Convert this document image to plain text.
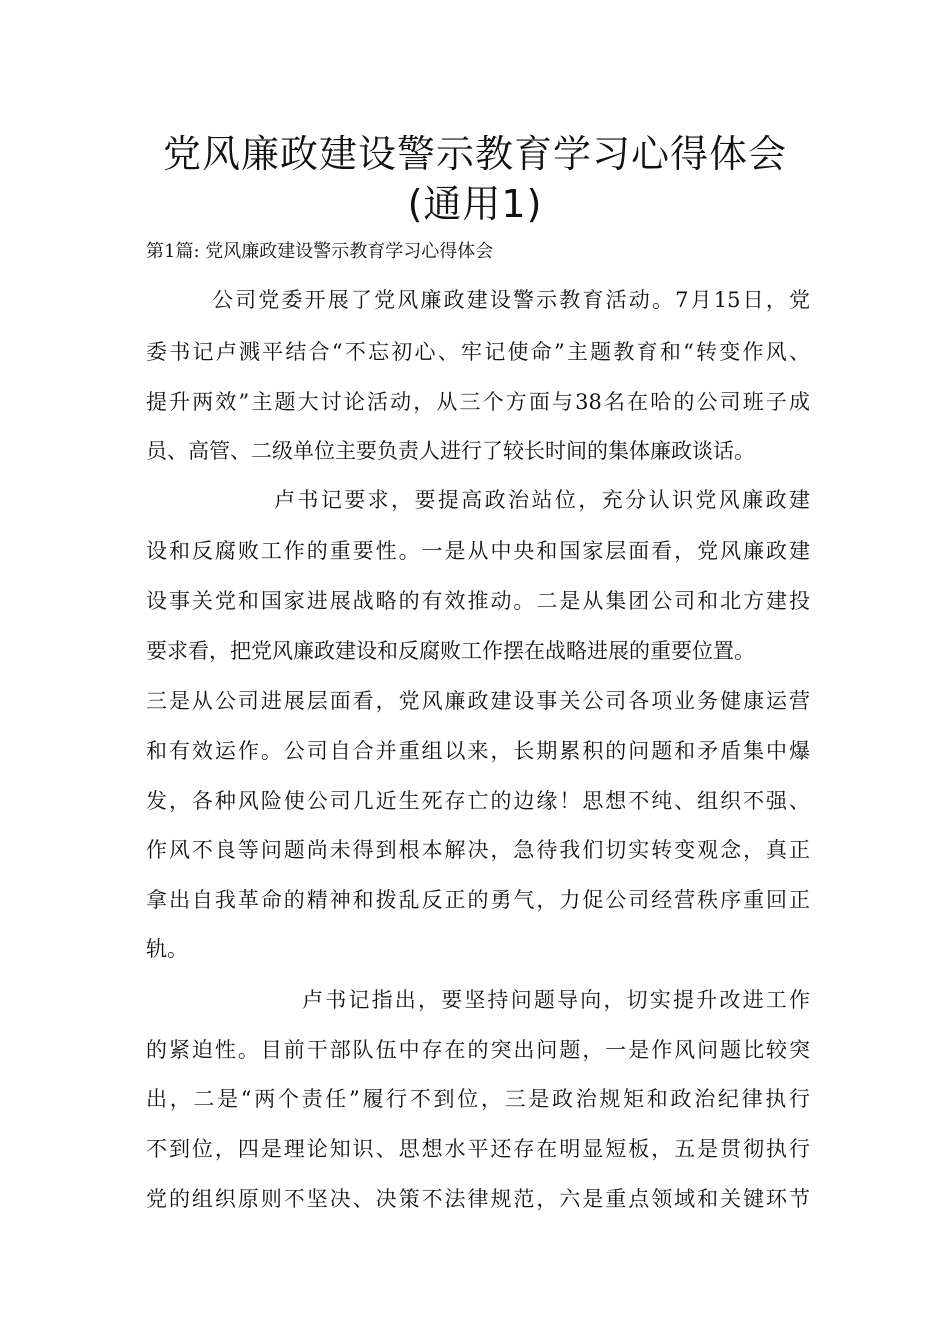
党风廉政建设警示教育学习心得体会
(通用1)
第1篇: 党风廉政建设警示教育学习心得体会
公司党委开展了党风廉政建设警示教育活动。7月15日，党
委书记卢溅平结合“不忘初心、牢记使命”主题教育和“转变作风、
提升两效”主题大讨论活动，从三个方面与38名在哈的公司班子成
员、高管、二级单位主要负责人进行了较长时间的集体廉政谈话。
卢书记要求，要提高政治站位，充分认识党风廉政建
设和反腐败工作的重要性。一是从中央和国家层面看，党风廉政建
设事关党和国家进展战略的有效推动。二是从集团公司和北方建投
要求看，把党风廉政建设和反腐败工作摆在战略进展的重要位置。
三是从公司进展层面看，党风廉政建设事关公司各项业务健康运营
和有效运作。公司自合并重组以来，长期累积的问题和矛盾集中爆
发，各种风险使公司几近生死存亡的边缘！思想不纯、组织不强、
作风不良等问题尚未得到根本解决，急待我们切实转变观念，真正
拿出自我革命的精神和拨乱反正的勇气，力促公司经营秩序重回正
轨。
卢书记指出，要坚持问题导向，切实提升改进工作
的紧迫性。目前干部队伍中存在的突出问题，一是作风问题比较突
出，二是“两个责任”履行不到位，三是政治规矩和政治纪律执行
不到位，四是理论知识、思想水平还存在明显短板，五是贯彻执行
党的组织原则不坚决、决策不法律规范，六是重点领域和关键环节
